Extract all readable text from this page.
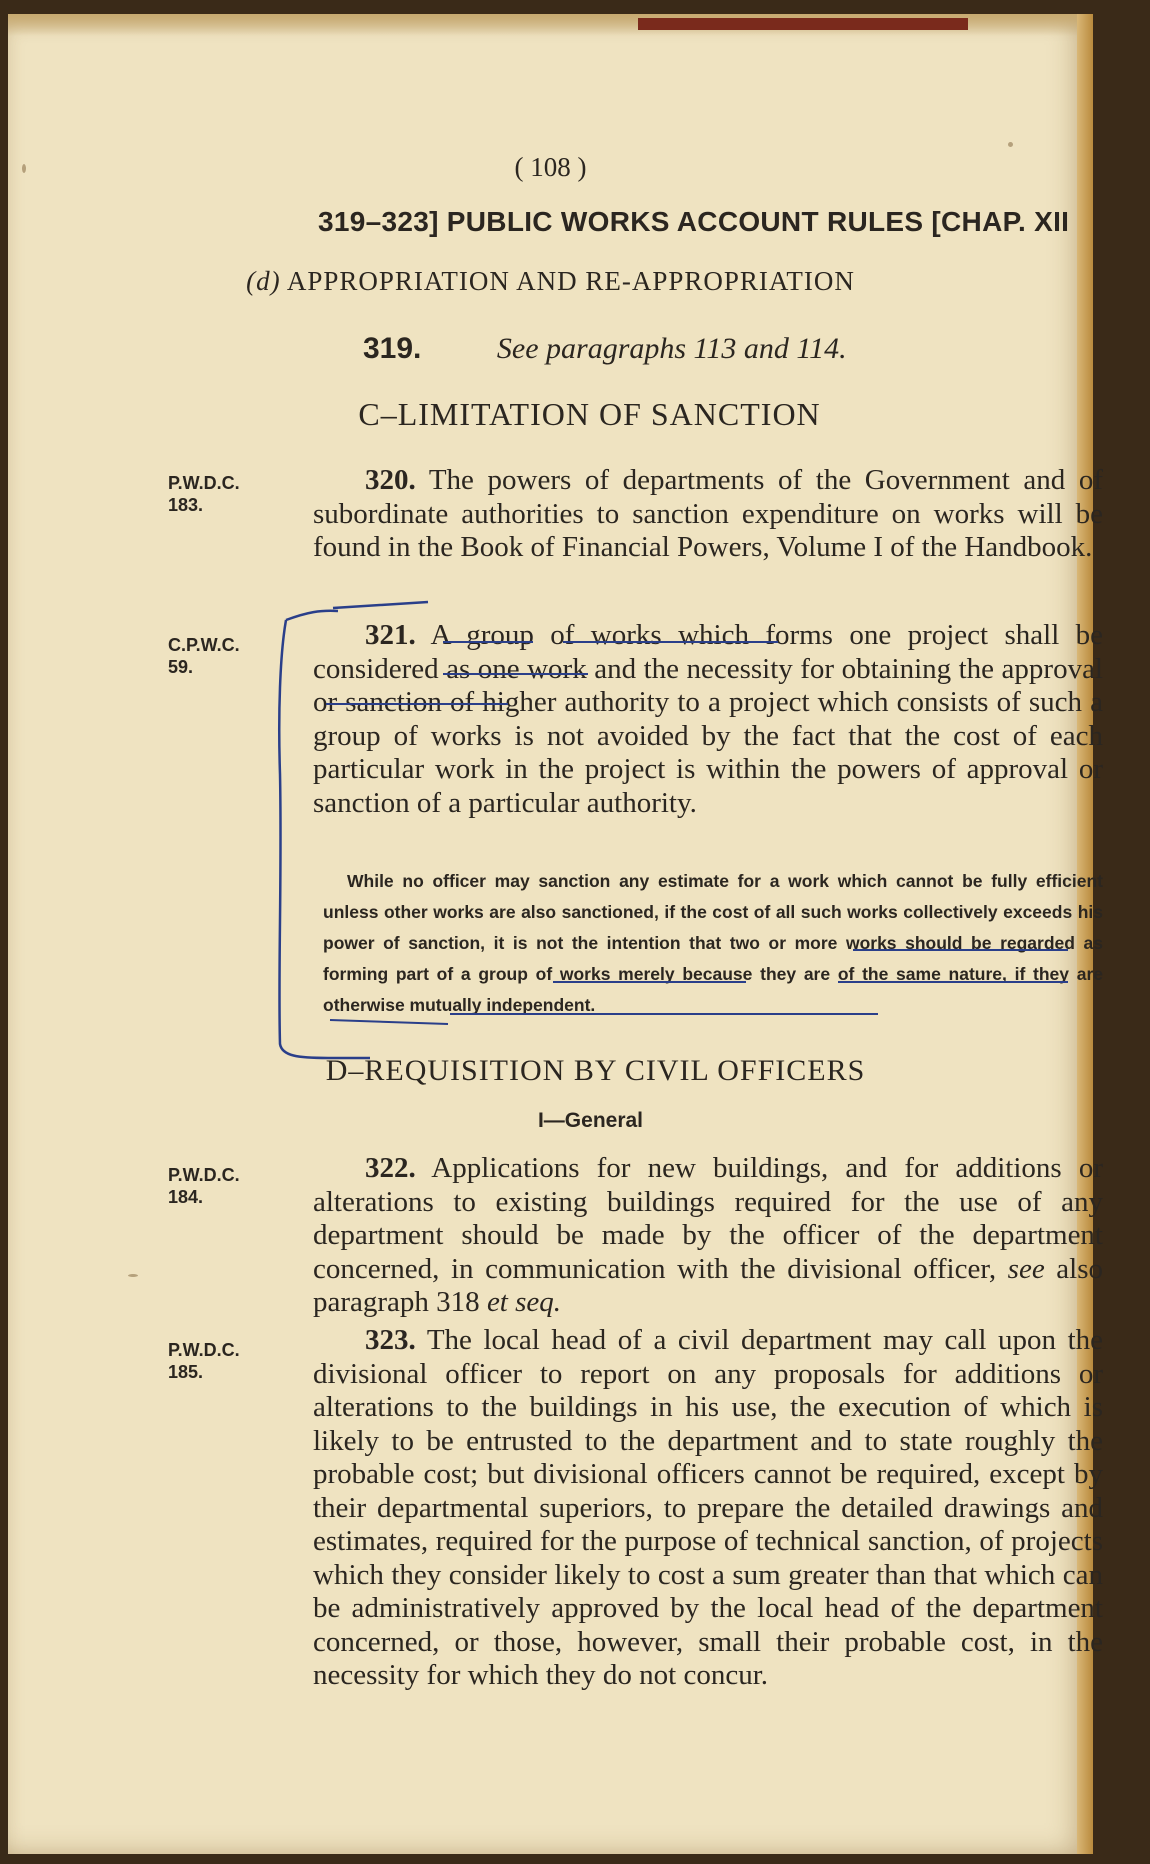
( 108 )
319–323] PUBLIC WORKS ACCOUNT RULES [CHAP. XII
(d) APPROPRIATION AND RE-APPROPRIATION
319.	See paragraphs 113 and 114.
C–LIMITATION OF SANCTION
P.W.D.C.
183.
320. The powers of departments of the Government and of subordinate authorities to sanction expenditure on works will be found in the Book of Financial Powers, Volume I of the Handbook.
C.P.W.C.
59.
321. A group of works which forms one project shall be considered as one work and the necessity for obtaining the approval or sanction of higher authority to a project which consists of such a group of works is not avoided by the fact that the cost of each particular work in the project is within the powers of approval or sanction of a particular authority.
While no officer may sanction any estimate for a work which cannot be fully efficient unless other works are also sanctioned, if the cost of all such works collectively exceeds his power of sanction, it is not the intention that two or more works should be regarded as forming part of a group of works merely because they are of the same nature, if they are otherwise mutually independent.
D–REQUISITION BY CIVIL OFFICERS
I—General
P.W.D.C.
184.
322. Applications for new buildings, and for additions or alterations to existing buildings required for the use of any department should be made by the officer of the department concerned, in communication with the divisional officer, see also paragraph 318 et seq.
P.W.D.C.
185.
323. The local head of a civil department may call upon the divisional officer to report on any proposals for additions or alterations to the buildings in his use, the execution of which is likely to be entrusted to the department and to state roughly the probable cost; but divisional officers cannot be required, except by their departmental superiors, to prepare the detailed drawings and estimates, required for the purpose of technical sanction, of projects which they consider likely to cost a sum greater than that which can be administratively approved by the local head of the department concerned, or those, however, small their probable cost, in the necessity for which they do not concur.
